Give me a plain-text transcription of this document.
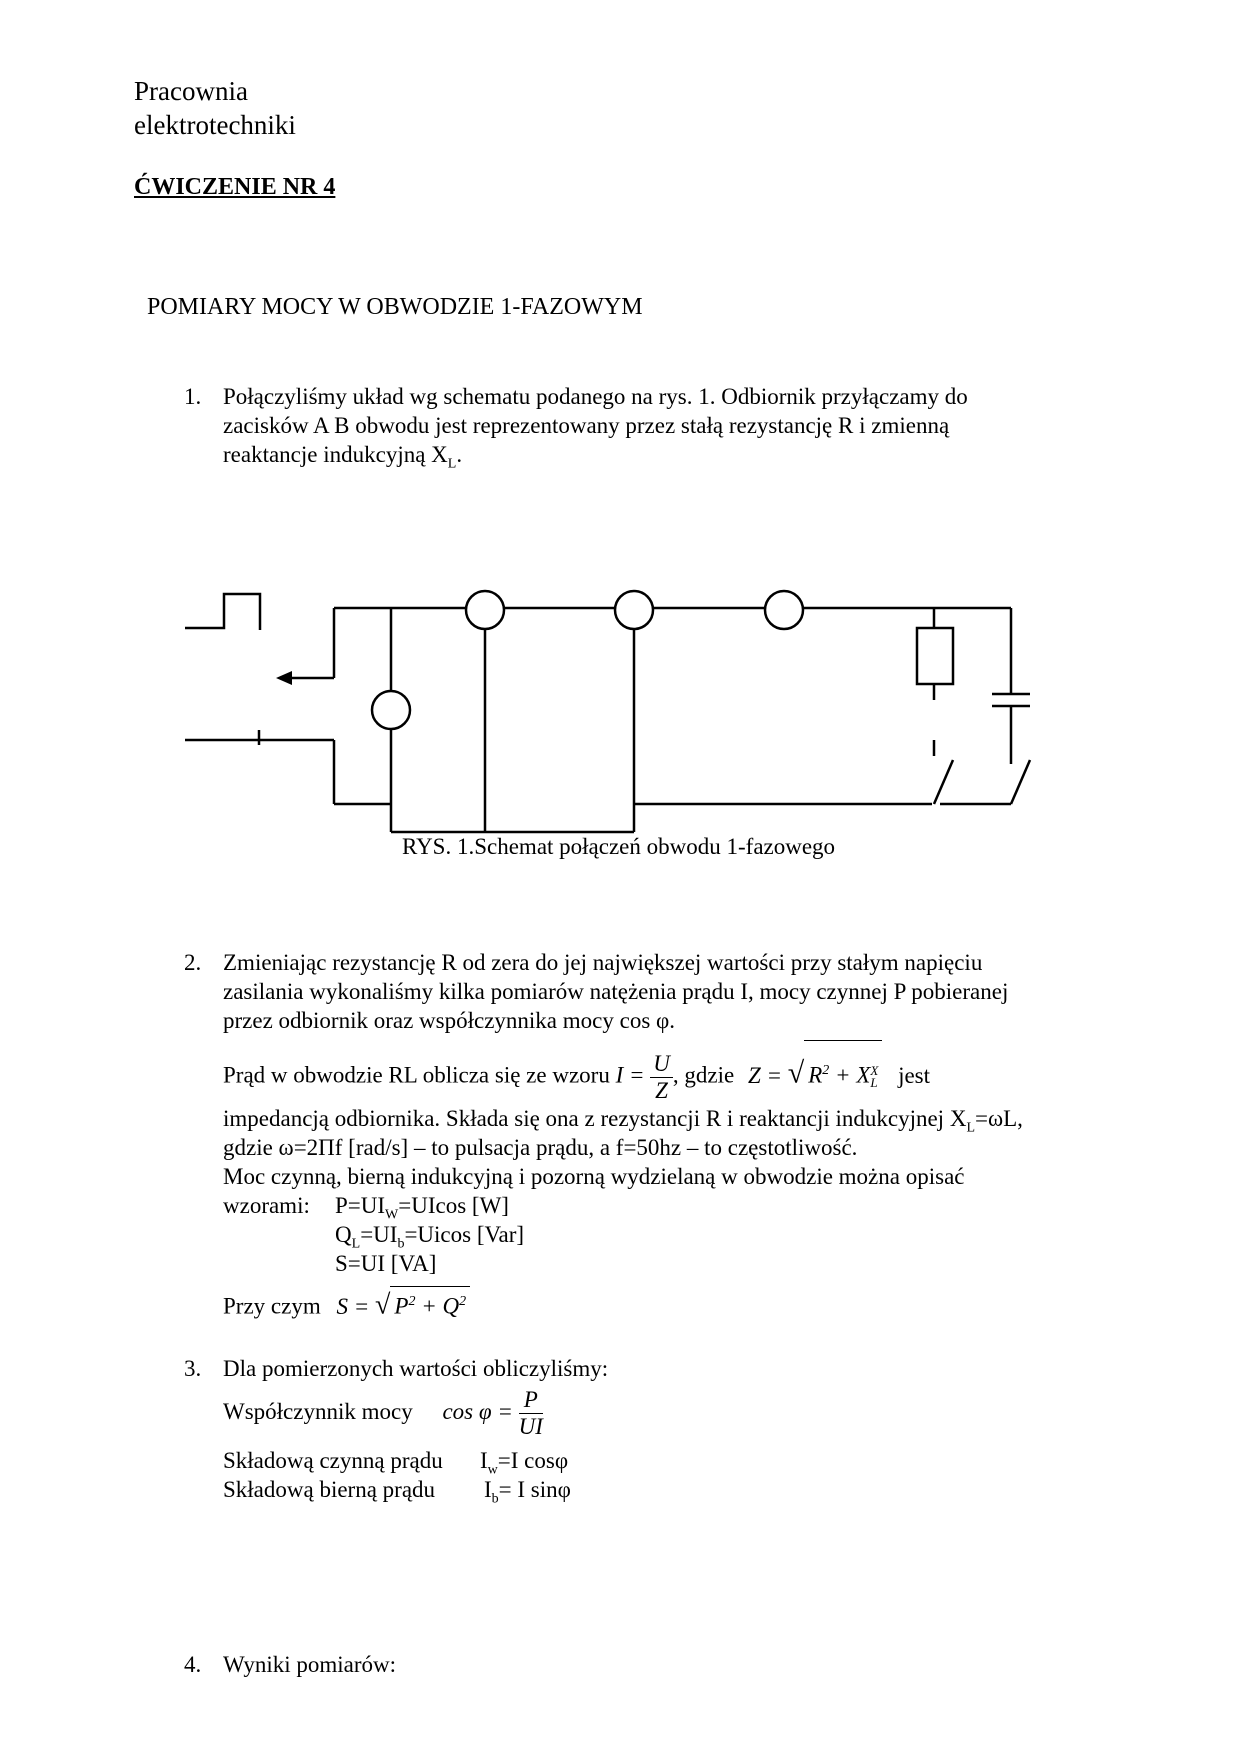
Pracownia
elektrotechniki
ĆWICZENIE NR 4
POMIARY MOCY W OBWODZIE 1-FAZOWYM
1. Połączyliśmy układ wg schematu podanego na rys. 1. Odbiornik przyłączamy do
zacisków A B obwodu jest reprezentowany przez stałą rezystancję R i zmienną
reaktancje indukcyjną $X_L$.
RYS. 1.Schemat połączeń obwodu 1-fazowego
2. Zmieniając rezystancję R od zera do jej największej wartości przy stałym napięciu
zasilania wykonaliśmy kilka pomiarów natężenia prądu I, mocy czynnej P pobieranej
przez odbiornik oraz współczynnika mocy cos φ.
Prąd w obwodzie RL oblicza się ze wzoru $I = \frac{U}{Z}$ , gdzie Z = √ $R^2 + X$ X
L jest
impedancją odbiornika. Składa się ona z rezystancji R i reaktancji indukcyjnej $X_L=\omega L$,
gdzie ω=2Πf [rad/s] – to pulsacja prądu, a f=50hz – to częstotliwość.
Moc czynną, bierną indukcyjną i pozorną wydzielaną w obwodzie można opisać
wzorami: $P=UI_W=UIcos$ [W]
$Q_L=UI_b=Uicos$ [Var]
S=UI [VA]
Przy czym S = √ $P^2 + Q^2$
3. Dla pomierzonych wartości obliczyliśmy:
Współczynnik mocy $\cos \varphi = \frac{P}{UI}$
Składową czynną prądu $I_w=I$ cosφ
Składową bierną prądu $I_b= I$ sinφ
4. Wyniki pomiarów:
